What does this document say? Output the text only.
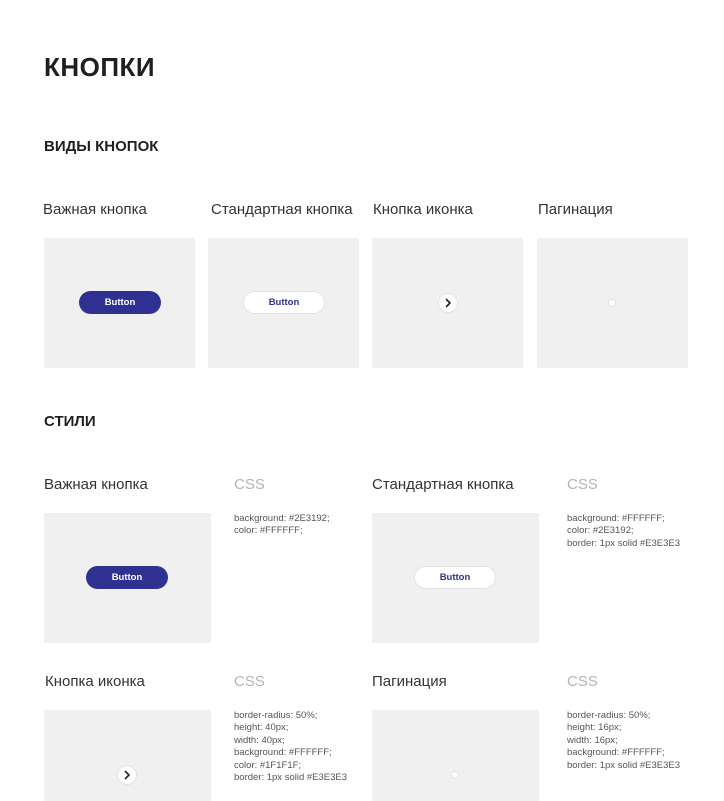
КНОПКИ
ВИДЫ КНОПОК
Важная кнопка	Стандартная кнопка Кнопка иконка	Пагинация
Button	Button
СТИЛИ
Важная кнопка	CSS	Стандартная кнопка	CSS
Button
background: #2E3192;
color: #FFFFFF;
Button
background: #FFFFFF;
color: #2E3192;
border: 1px solid #E3E3E3
Кнопка иконка	CSS	Пагинация	CSS
border-radius: 50%;
height: 40px;
width: 40px;
background: #FFFFFF;
color: #1F1F1F;
border: 1px solid #E3E3E3
border-radius: 50%;
height: 16px;
width: 16px;
background: #FFFFFF;
border: 1px solid #E3E3E3
